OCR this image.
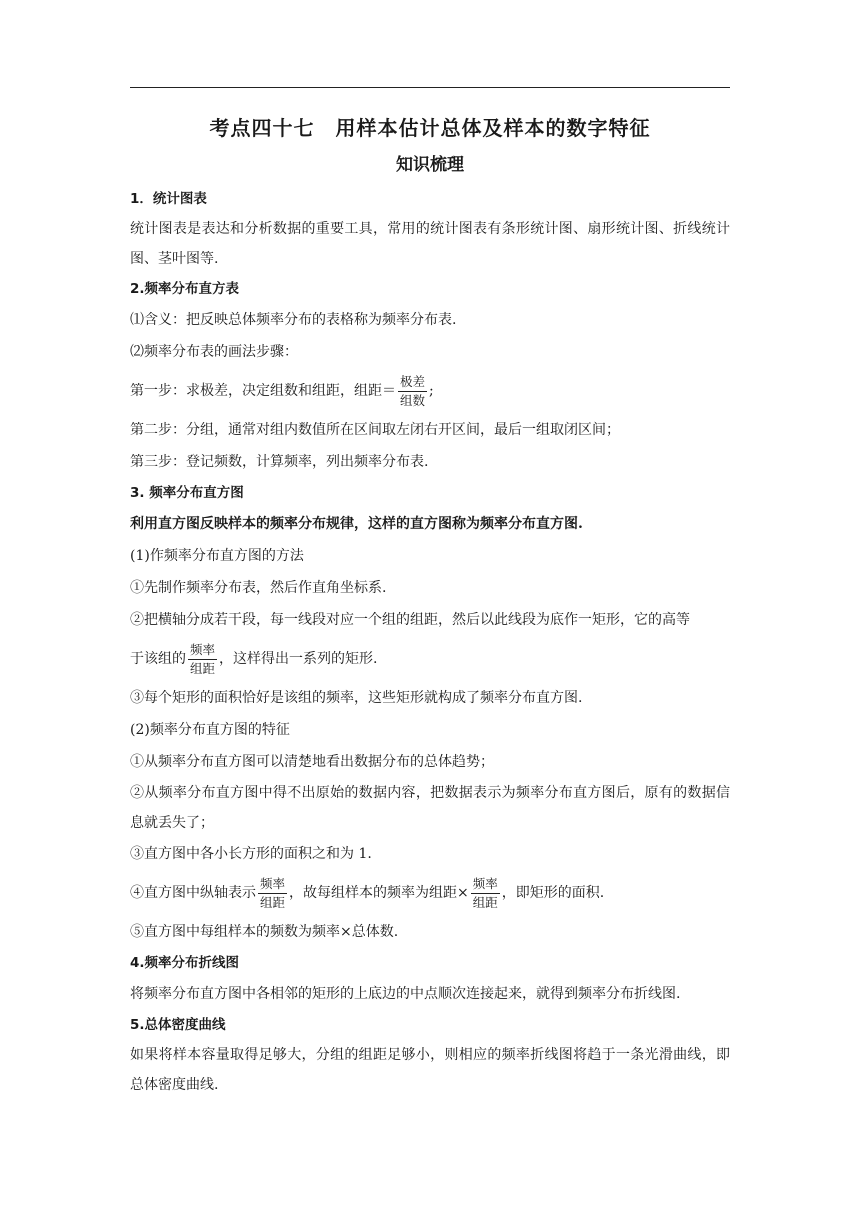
考点四十七　用样本估计总体及样本的数字特征
知识梳理
1．统计图表
统计图表是表达和分析数据的重要工具，常用的统计图表有条形统计图、扇形统计图、折线统计图、茎叶图等.
2.频率分布直方表
⑴含义：把反映总体频率分布的表格称为频率分布表.
⑵频率分布表的画法步骤：
第一步：求极差，决定组数和组距，组距＝ $\frac{\text{极差}}{\text{组数}}$ ;
第二步：分组，通常对组内数值所在区间取左闭右开区间，最后一组取闭区间；
第三步：登记频数，计算频率，列出频率分布表.
3. 频率分布直方图
利用直方图反映样本的频率分布规律，这样的直方图称为频率分布直方图.
(1)作频率分布直方图的方法
①先制作频率分布表，然后作直角坐标系.
②把横轴分成若干段，每一线段对应一个组的组距，然后以此线段为底作一矩形，它的高等
于该组的 $\frac{\text{频率}}{\text{组距}}$ ，这样得出一系列的矩形.
③每个矩形的面积恰好是该组的频率，这些矩形就构成了频率分布直方图.
(2)频率分布直方图的特征
①从频率分布直方图可以清楚地看出数据分布的总体趋势；
②从频率分布直方图中得不出原始的数据内容，把数据表示为频率分布直方图后，原有的数据信息就丢失了；
③直方图中各小长方形的面积之和为 1.
④直方图中纵轴表示 $\frac{\text{频率}}{\text{组距}}$ ，故每组样本的频率为组距× $\frac{\text{频率}}{\text{组距}}$ ，即矩形的面积.
⑤直方图中每组样本的频数为频率×总体数.
4.频率分布折线图
将频率分布直方图中各相邻的矩形的上底边的中点顺次连接起来，就得到频率分布折线图.
5.总体密度曲线
如果将样本容量取得足够大，分组的组距足够小，则相应的频率折线图将趋于一条光滑曲线，即总体密度曲线.
